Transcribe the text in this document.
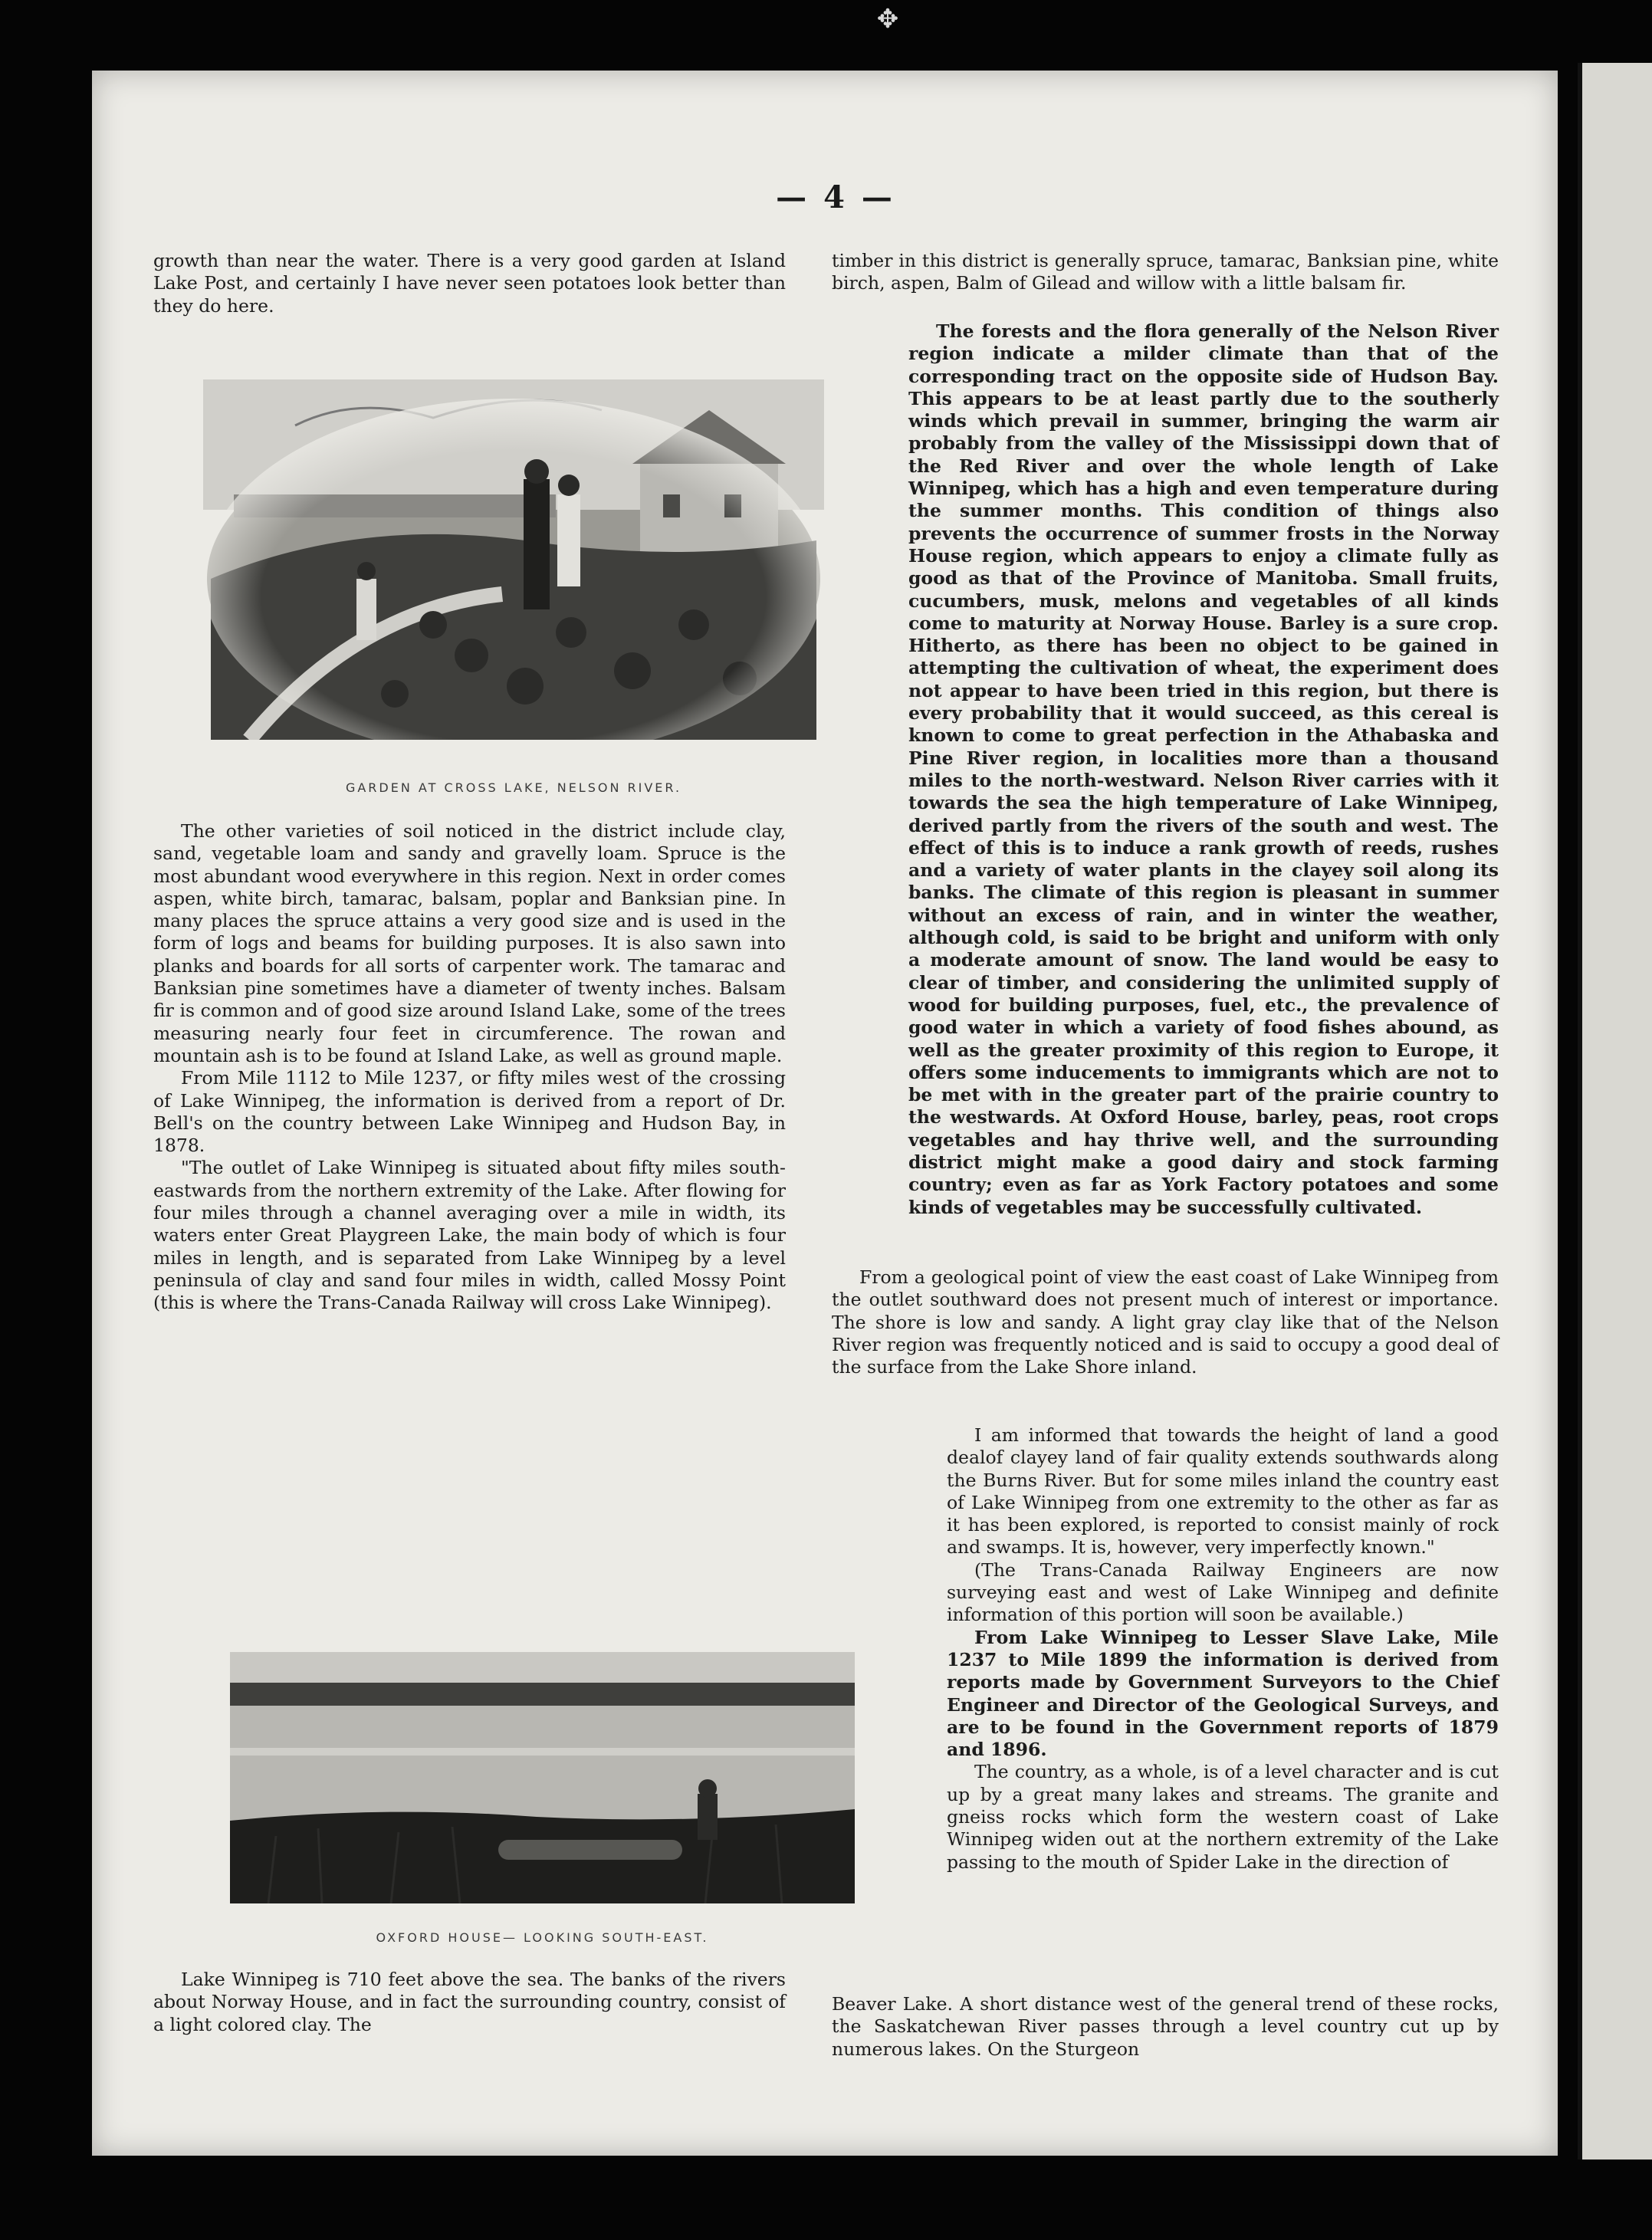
✥
— 4 —

growth than near the water. There is a very good garden at Island Lake Post, and certainly I have never seen potatoes look better than they do here.

GARDEN AT CROSS LAKE, NELSON RIVER.

The other varieties of soil noticed in the district include clay, sand, vegetable loam and sandy and gravelly loam. Spruce is the most abundant wood everywhere in this region. Next in order comes aspen, white birch, tamarac, balsam, poplar and Banksian pine. In many places the spruce attains a very good size and is used in the form of logs and beams for building purposes. It is also sawn into planks and boards for all sorts of carpenter work. The tamarac and Banksian pine sometimes have a diameter of twenty inches. Balsam fir is common and of good size around Island Lake, some of the trees measuring nearly four feet in circumference. The rowan and mountain ash is to be found at Island Lake, as well as ground maple.

From Mile 1112 to Mile 1237, or fifty miles west of the crossing of Lake Winnipeg, the information is derived from a report of Dr. Bell's on the country between Lake Winnipeg and Hudson Bay, in 1878.

"The outlet of Lake Winnipeg is situated about fifty miles south-eastwards from the northern extremity of the Lake. After flowing for four miles through a channel averaging over a mile in width, its waters enter Great Playgreen Lake, the main body of which is four miles in length, and is separated from Lake Winnipeg by a level peninsula of clay and sand four miles in width, called Mossy Point (this is where the Trans-Canada Railway will cross Lake Winnipeg).

OXFORD HOUSE— LOOKING SOUTH-EAST.

Lake Winnipeg is 710 feet above the sea. The banks of the rivers about Norway House, and in fact the surrounding country, consist of a light colored clay. The

timber in this district is generally spruce, tamarac, Banksian pine, white birch, aspen, Balm of Gilead and willow with a little balsam fir.

The forests and the flora generally of the Nelson River region indicate a milder climate than that of the corresponding tract on the opposite side of Hudson Bay. This appears to be at least partly due to the southerly winds which prevail in summer, bringing the warm air probably from the valley of the Mississippi down that of the Red River and over the whole length of Lake Winnipeg, which has a high and even temperature during the summer months. This condition of things also prevents the occurrence of summer frosts in the Norway House region, which appears to enjoy a climate fully as good as that of the Province of Manitoba. Small fruits, cucumbers, musk, melons and vegetables of all kinds come to maturity at Norway House. Barley is a sure crop. Hitherto, as there has been no object to be gained in attempting the cultivation of wheat, the experiment does not appear to have been tried in this region, but there is every probability that it would succeed, as this cereal is known to come to great perfection in the Athabaska and Pine River region, in localities more than a thousand miles to the north-westward. Nelson River carries with it towards the sea the high temperature of Lake Winnipeg, derived partly from the rivers of the south and west. The effect of this is to induce a rank growth of reeds, rushes and a variety of water plants in the clayey soil along its banks. The climate of this region is pleasant in summer without an excess of rain, and in winter the weather, although cold, is said to be bright and uniform with only a moderate amount of snow. The land would be easy to clear of timber, and considering the unlimited supply of wood for building purposes, fuel, etc., the prevalence of good water in which a variety of food fishes abound, as well as the greater proximity of this region to Europe, it offers some inducements to immigrants which are not to be met with in the greater part of the prairie country to the westwards. At Oxford House, barley, peas, root crops vegetables and hay thrive well, and the surrounding district might make a good dairy and stock farming country; even as far as York Factory potatoes and some kinds of vegetables may be successfully cultivated.

From a geological point of view the east coast of Lake Winnipeg from the outlet southward does not present much of interest or importance. The shore is low and sandy. A light gray clay like that of the Nelson River region was frequently noticed and is said to occupy a good deal of the surface from the Lake Shore inland.

I am informed that towards the height of land a good dealof clayey land of fair quality extends southwards along the Burns River. But for some miles inland the country east of Lake Winnipeg from one extremity to the other as far as it has been explored, is reported to consist mainly of rock and swamps. It is, however, very imperfectly known."

(The Trans-Canada Railway Engineers are now surveying east and west of Lake Winnipeg and definite information of this portion will soon be available.)

From Lake Winnipeg to Lesser Slave Lake, Mile 1237 to Mile 1899 the information is derived from reports made by Government Surveyors to the Chief Engineer and Director of the Geological Surveys, and are to be found in the Government reports of 1879 and 1896.

The country, as a whole, is of a level character and is cut up by a great many lakes and streams. The granite and gneiss rocks which form the western coast of Lake Winnipeg widen out at the northern extremity of the Lake passing to the mouth of Spider Lake in the direction of

Beaver Lake. A short distance west of the general trend of these rocks, the Saskatchewan River passes through a level country cut up by numerous lakes. On the Sturgeon
